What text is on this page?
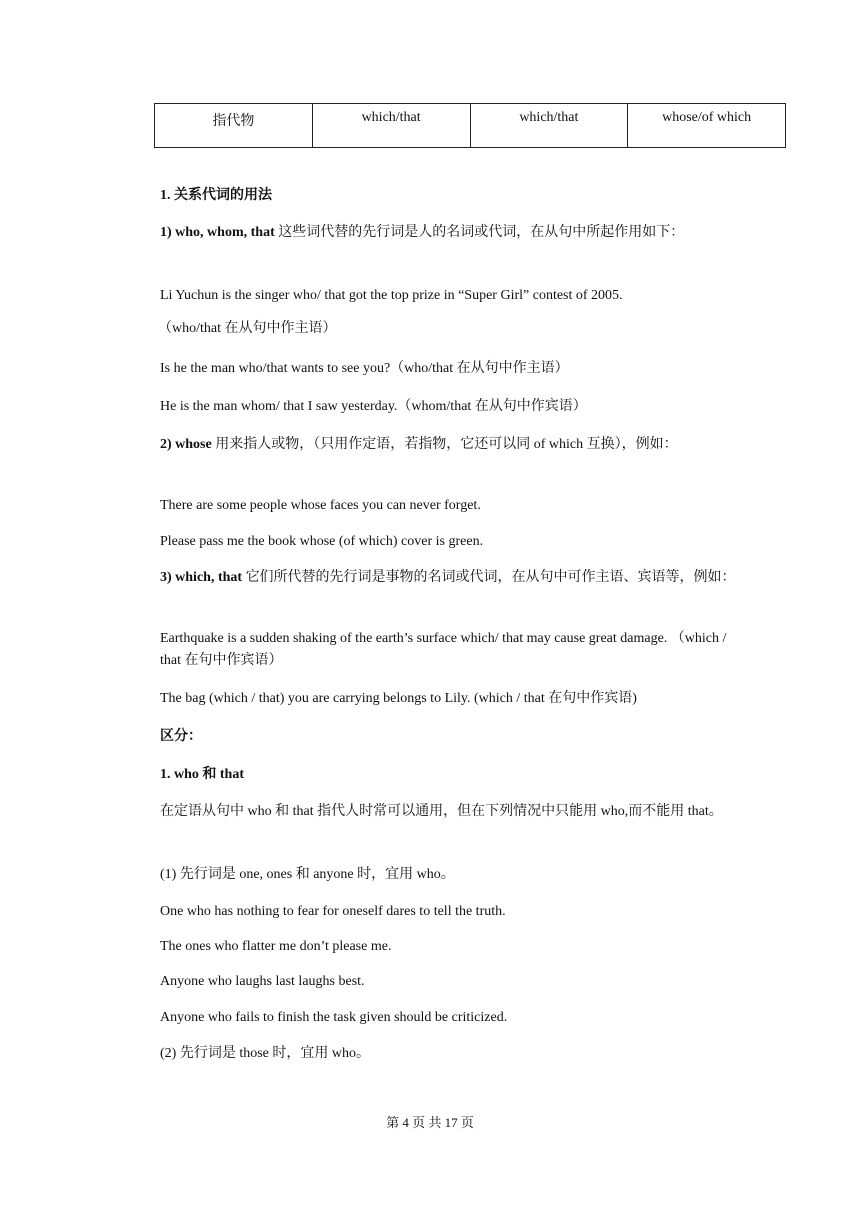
指代物	which/that	which/that	whose/of which
1. 关系代词的用法
1) who, whom, that 这些词代替的先行词是人的名词或代词，在从句中所起作用如下：
Li Yuchun is the singer who/ that got the top prize in “Super Girl” contest of 2005.
（who/that 在从句中作主语）
Is he the man who/that wants to see you?（who/that 在从句中作主语）
He is the man whom/ that I saw yesterday.（whom/that 在从句中作宾语）
2) whose 用来指人或物，（只用作定语，若指物，它还可以同 of which 互换），例如：
There are some people whose faces you can never forget.
Please pass me the book whose (of which) cover is green.
3) which, that 它们所代替的先行词是事物的名词或代词，在从句中可作主语、宾语等，例如：
Earthquake is a sudden shaking of the earth’s surface which/ that may cause great damage. （which / that 在句中作宾语）
The bag (which / that) you are carrying belongs to Lily. (which / that 在句中作宾语)
区分：
1. who 和 that
在定语从句中 who 和 that 指代人时常可以通用，但在下列情况中只能用 who,而不能用 that。
(1) 先行词是 one, ones 和 anyone 时，宜用 who。
One who has nothing to fear for oneself dares to tell the truth.
The ones who flatter me don’t please me.
Anyone who laughs last laughs best.
Anyone who fails to finish the task given should be criticized.
(2) 先行词是 those 时，宜用 who。
第 4 页 共 17 页
